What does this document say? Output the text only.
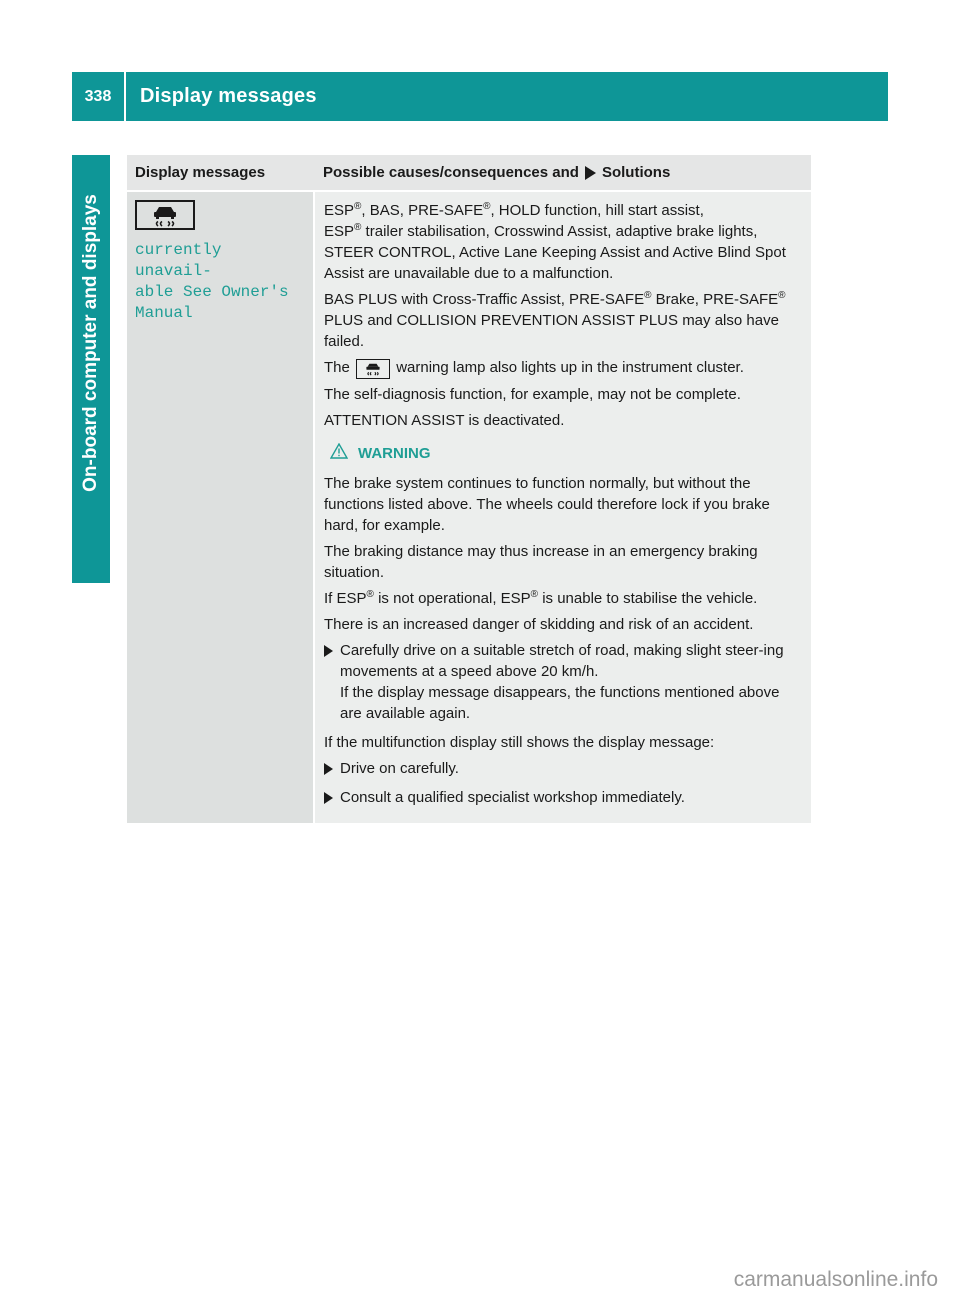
338	Display messages
On-board computer and displays
Display messages	Possible causes/consequences and Solutions
currently unavail‐
able See Owner's
Manual

ESP®, BAS, PRE-SAFE®, HOLD function, hill start assist,
ESP® trailer stabilisation, Crosswind Assist, adaptive brake lights, STEER CONTROL, Active Lane Keeping Assist and Active Blind Spot Assist are unavailable due to a malfunction.

BAS PLUS with Cross-Traffic Assist, PRE-SAFE® Brake, PRE-SAFE® PLUS and COLLISION PREVENTION ASSIST PLUS may also have failed.

The	warning lamp also lights up in the instrument cluster.

The self-diagnosis function, for example, may not be complete.

ATTENTION ASSIST is deactivated.

WARNING

The brake system continues to function normally, but without the functions listed above. The wheels could therefore lock if you brake hard, for example.

The braking distance may thus increase in an emergency braking situation.

If ESP® is not operational, ESP® is unable to stabilise the vehicle.

There is an increased danger of skidding and risk of an accident.

Carefully drive on a suitable stretch of road, making slight steer-ing movements at a speed above 20 km/h.
If the display message disappears, the functions mentioned above are available again.

If the multifunction display still shows the display message:

Drive on carefully.
Consult a qualified specialist workshop immediately.
carmanualsonline.info
